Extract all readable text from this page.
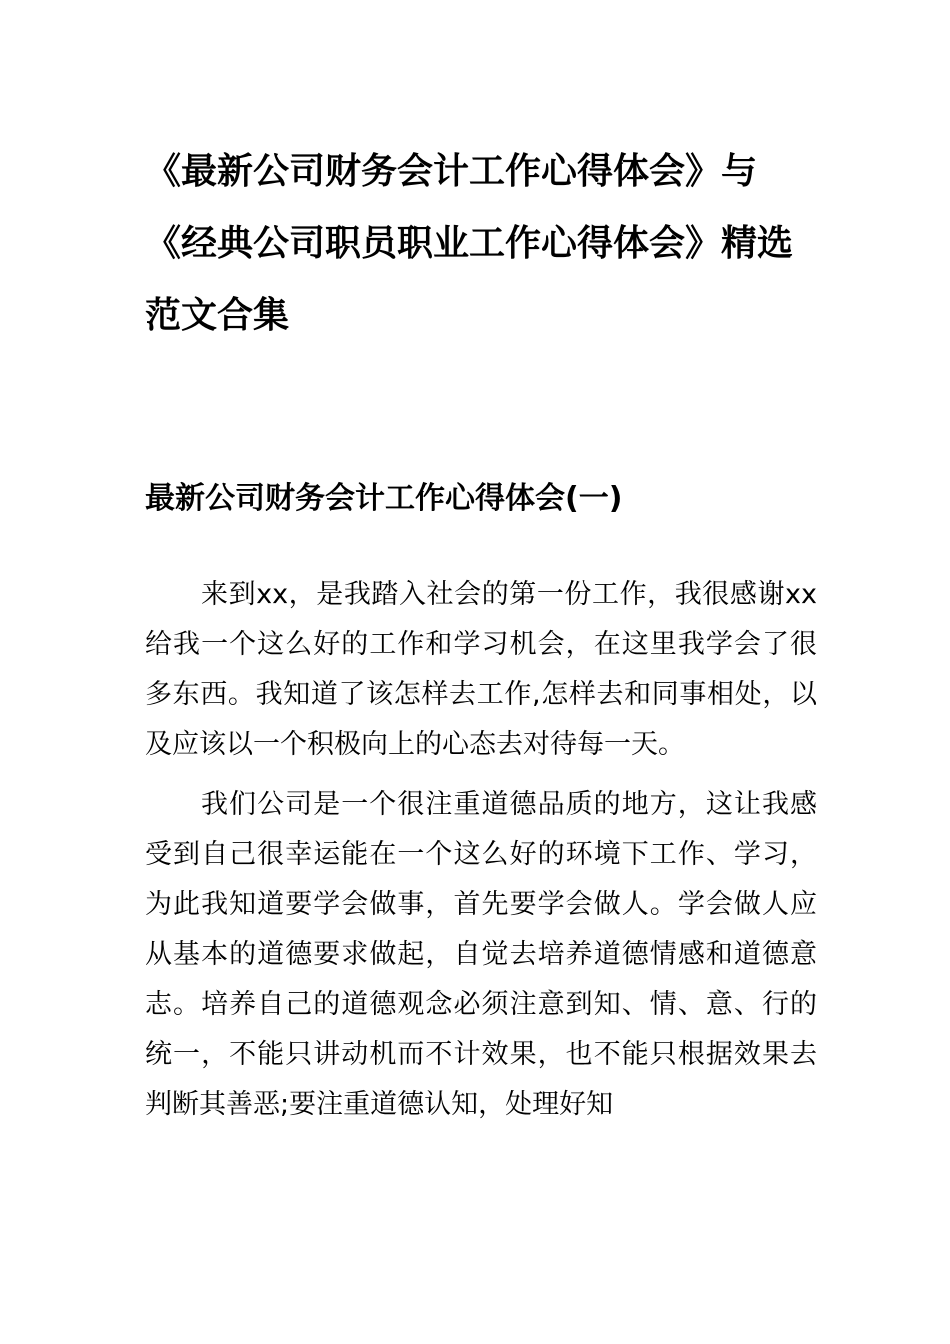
《最新公司财务会计工作心得体会》与《经典公司职员职业工作心得体会》精选范文合集
最新公司财务会计工作心得体会(一)

来到xx，是我踏入社会的第一份工作，我很感谢xx给我一个这么好的工作和学习机会，在这里我学会了很多东西。我知道了该怎样去工作,怎样去和同事相处，以及应该以一个积极向上的心态去对待每一天。

我们公司是一个很注重道德品质的地方，这让我感受到自己很幸运能在一个这么好的环境下工作、学习，为此我知道要学会做事，首先要学会做人。学会做人应从基本的道德要求做起，自觉去培养道德情感和道德意志。培养自己的道德观念必须注意到知、情、意、行的统一，不能只讲动机而不计效果，也不能只根据效果去判断其善恶;要注重道德认知，处理好知
